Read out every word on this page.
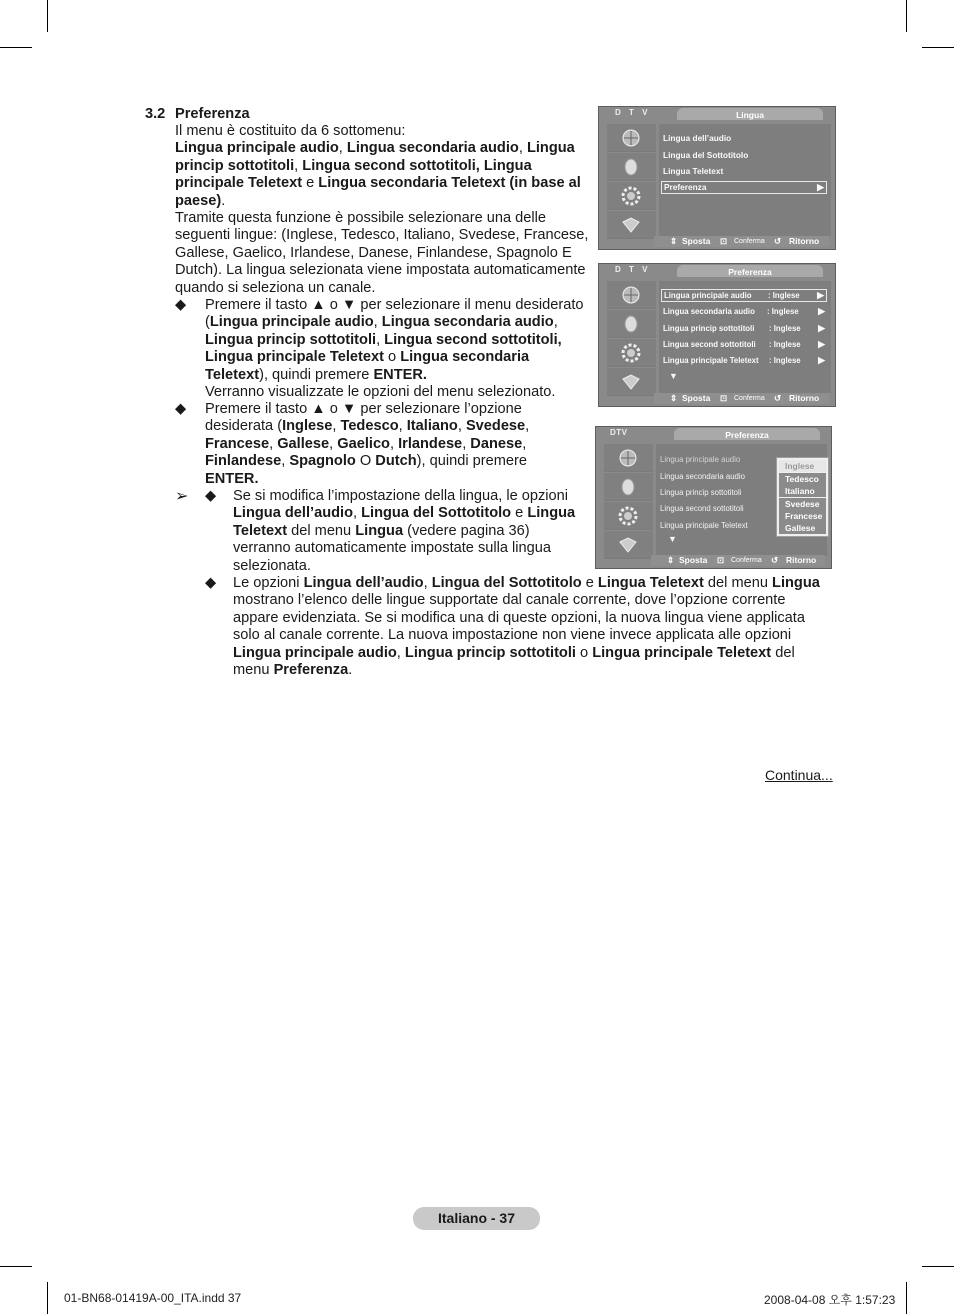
3.2 Preferenza
Il menu è costituito da 6 sottomenu:
Lingua principale audio, Lingua secondaria audio, Lingua princip sottotitoli, Lingua second sottotitoli, Lingua principale Teletext e Lingua secondaria Teletext (in base al paese).
Tramite questa funzione è possibile selezionare una delle seguenti lingue: (Inglese, Tedesco, Italiano, Svedese, Francese, Gallese, Gaelico, Irlandese, Danese, Finlandese, Spagnolo E Dutch). La lingua selezionata viene impostata automaticamente quando si seleziona un canale.
◆ Premere il tasto ▲ o ▼ per selezionare il menu desiderato (Lingua principale audio, Lingua secondaria audio, Lingua princip sottotitoli, Lingua second sottotitoli, Lingua principale Teletext o Lingua secondaria Teletext), quindi premere ENTER.
Verranno visualizzate le opzioni del menu selezionato.
◆ Premere il tasto ▲ o ▼ per selezionare l’opzione desiderata (Inglese, Tedesco, Italiano, Svedese, Francese, Gallese, Gaelico, Irlandese, Danese, Finlandese, Spagnolo O Dutch), quindi premere ENTER.
➢ ◆ Se si modifica l’impostazione della lingua, le opzioni Lingua dell’audio, Lingua del Sottotitolo e Lingua Teletext del menu Lingua (vedere pagina 36) verranno automaticamente impostate sulla lingua selezionata.
◆ Le opzioni Lingua dell’audio, Lingua del Sottotitolo e Lingua Teletext del menu Lingua mostrano l’elenco delle lingue supportate dal canale corrente, dove l’opzione corrente appare evidenziata. Se si modifica una di queste opzioni, la nuova lingua viene applicata solo al canale corrente. La nuova impostazione non viene invece applicata alle opzioni Lingua principale audio, Lingua princip sottotitoli o Lingua principale Teletext del menu Preferenza.
Continua...
D T V	Lingua
Lingua dell’audio
Lingua del Sottotitolo
Lingua Teletext
Preferenza	▶
⇕ Sposta ⊡ Conferma ↺ Ritorno
D T V	Preferenza
Lingua principale audio : Inglese ▶
Lingua secondaria audio : Inglese ▶
Lingua princip sottotitoli : Inglese ▶
Lingua second sottotitoli : Inglese ▶
Lingua principale Teletext : Inglese ▶
▼
⇕ Sposta ⊡ Conferma ↺ Ritorno
DTV	Preferenza
Lingua principale audio
Lingua secondaria audio
Lingua princip sottotitoli
Lingua second sottotitoli
Lingua principale Teletext
▼
Inglese
Tedesco
Italiano
Svedese
Francese
Gallese
⇕ Sposta ⊡ Conferma ↺ Ritorno
Italiano - 37
01-BN68-01419A-00_ITA.indd 37	2008-04-08 오후 1:57:23
